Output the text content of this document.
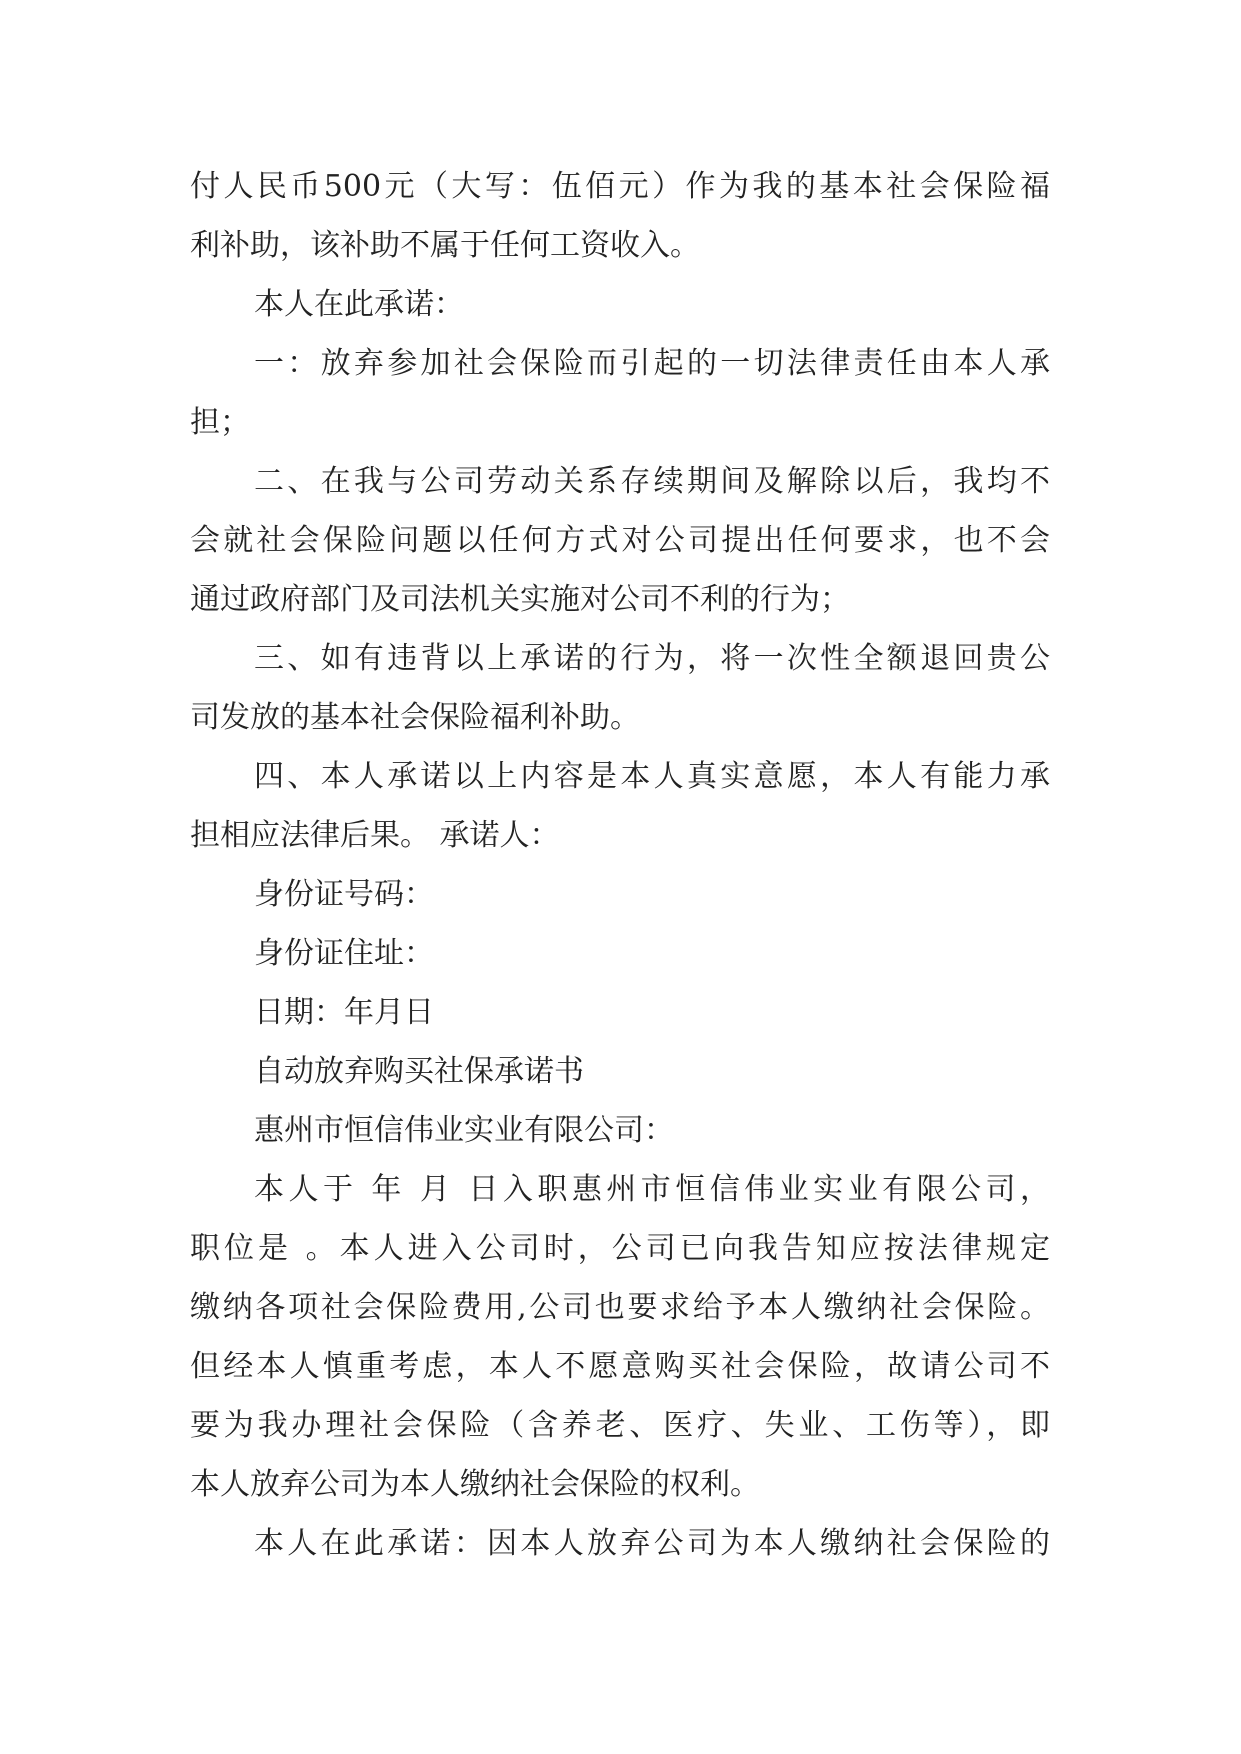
付人民币500元（大写：伍佰元）作为我的基本社会保险福
利补助，该补助不属于任何工资收入。
本人在此承诺：
一：放弃参加社会保险而引起的一切法律责任由本人承
担；
二、在我与公司劳动关系存续期间及解除以后，我均不
会就社会保险问题以任何方式对公司提出任何要求，也不会
通过政府部门及司法机关实施对公司不利的行为；
三、如有违背以上承诺的行为，将一次性全额退回贵公
司发放的基本社会保险福利补助。
四、本人承诺以上内容是本人真实意愿，本人有能力承
担相应法律后果。 承诺人：
身份证号码：
身份证住址：
日期：年月日
自动放弃购买社保承诺书
惠州市恒信伟业实业有限公司：
本人于 年 月 日入职惠州市恒信伟业实业有限公司，
职位是 。本人进入公司时，公司已向我告知应按法律规定
缴纳各项社会保险费用,公司也要求给予本人缴纳社会保险。
但经本人慎重考虑，本人不愿意购买社会保险，故请公司不
要为我办理社会保险（含养老、医疗、失业、工伤等），即
本人放弃公司为本人缴纳社会保险的权利。
本人在此承诺：因本人放弃公司为本人缴纳社会保险的
